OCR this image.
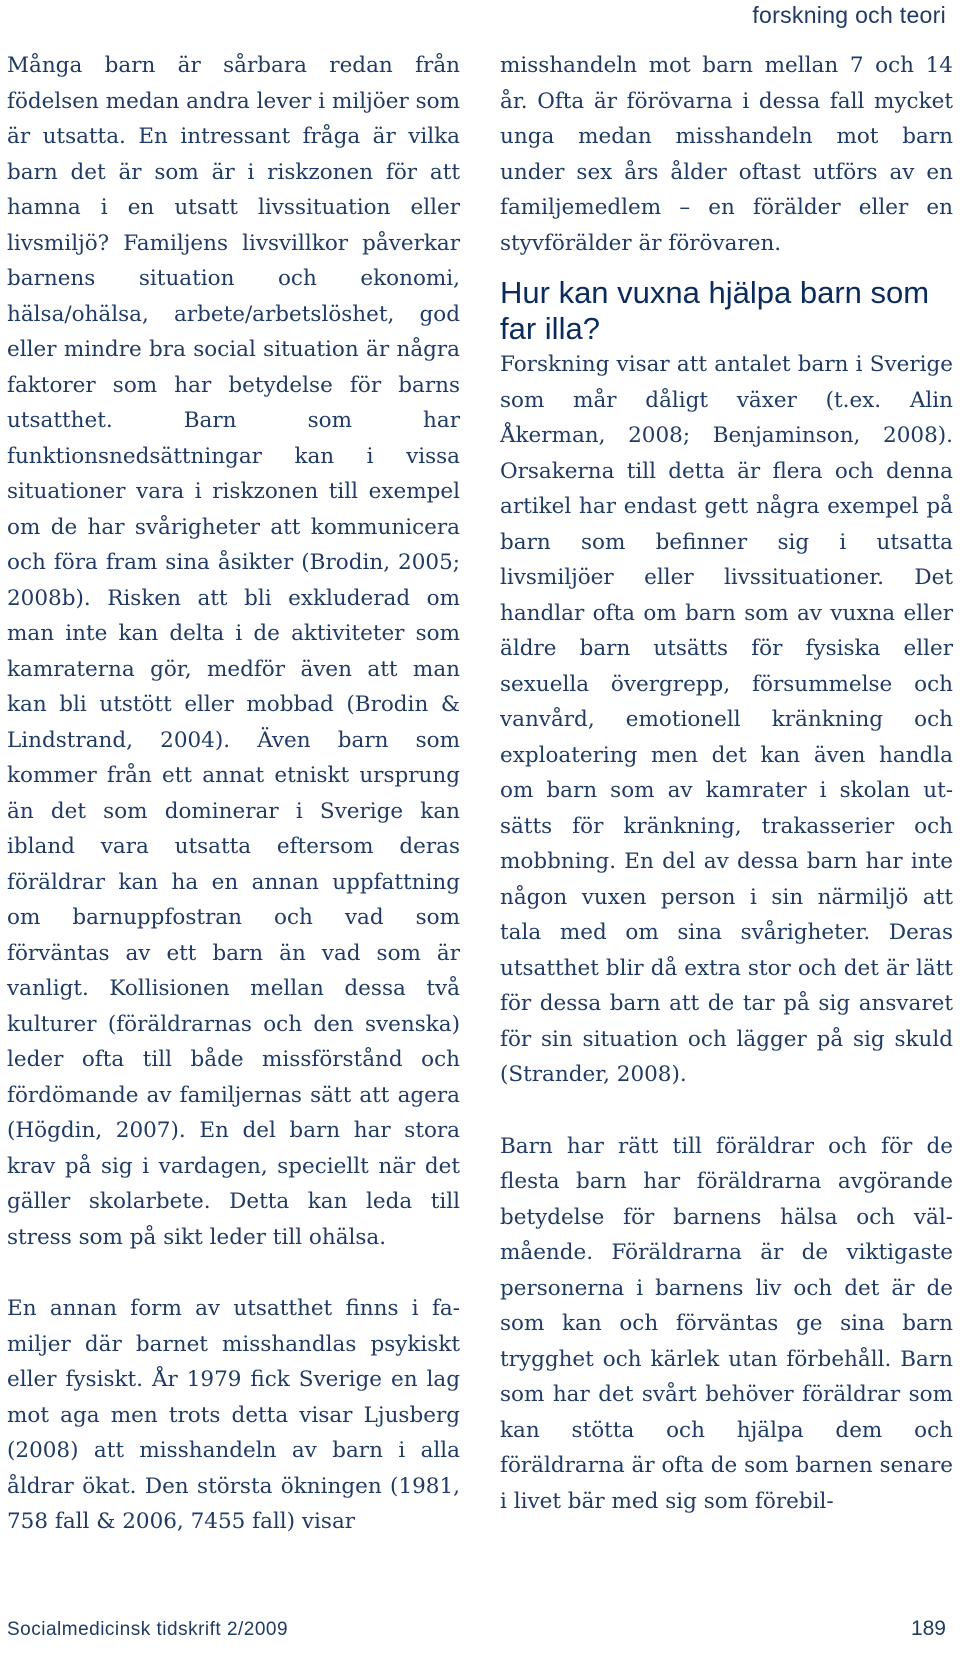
forskning och teori

Många barn är sårbara redan från födelsen medan andra lever i miljöer som är utsatta. En intressant fråga är vilka barn det är som är i riskzonen för att hamna i en utsatt livssituation eller livsmiljö? Familjens livsvillkor påverkar barnens situation och ekonomi, hälsa/ohälsa, arbete/arbetslöshet, god eller mindre bra social situation är några faktorer som har betydelse för barns utsatthet. Barn som har funktionsnedsättningar kan i vissa situationer vara i riskzonen till exempel om de har svårigheter att kommunicera och föra fram sina åsikter (Brodin, 2005; 2008b). Risken att bli exkluderad om man inte kan delta i de aktiviteter som kamraterna gör, medför även att man kan bli utstött eller mobbad (Brodin & Lindstrand, 2004). Även barn som kommer från ett annat etniskt ursprung än det som dominerar i Sverige kan ibland vara utsatta eftersom deras föräldrar kan ha en annan uppfattning om barnuppfostran och vad som förväntas av ett barn än vad som är vanligt. Kollisionen mellan dessa två kulturer (föräldrarnas och den svenska) leder ofta till både missförstånd och fördömande av familjernas sätt att agera (Högdin, 2007). En del barn har stora krav på sig i vardagen, speciellt när det gäller skolarbete. Detta kan leda till stress som på sikt leder till ohälsa.

En annan form av utsatthet finns i familjer där barnet misshandlas psykiskt eller fysiskt. År 1979 fick Sverige en lag mot aga men trots detta visar Ljusberg (2008) att misshandeln av barn i alla åldrar ökat. Den största ökningen (1981, 758 fall & 2006, 7455 fall) visar

misshandeln mot barn mellan 7 och 14 år. Ofta är förövarna i dessa fall mycket unga medan misshandeln mot barn under sex års ålder oftast utförs av en familjemedlem – en förälder eller en styvförälder är förövaren.

Hur kan vuxna hjälpa barn som far illa?

Forskning visar att antalet barn i Sverige som mår dåligt växer (t.ex. Alin Åkerman, 2008; Benjaminson, 2008). Orsakerna till detta är flera och denna artikel har endast gett några exempel på barn som befinner sig i utsatta livsmiljöer eller livssituationer. Det handlar ofta om barn som av vuxna eller äldre barn utsätts för fysiska eller sexuella övergrepp, försummelse och vanvård, emotionell kränkning och exploatering men det kan även handla om barn som av kamrater i skolan utsätts för kränkning, trakasserier och mobbning. En del av dessa barn har inte någon vuxen person i sin närmiljö att tala med om sina svårigheter. Deras utsatthet blir då extra stor och det är lätt för dessa barn att de tar på sig ansvaret för sin situation och lägger på sig skuld (Strander, 2008).

Barn har rätt till föräldrar och för de flesta barn har föräldrarna avgörande betydelse för barnens hälsa och välmående. Föräldrarna är de viktigaste personerna i barnens liv och det är de som kan och förväntas ge sina barn trygghet och kärlek utan förbehåll. Barn som har det svårt behöver föräldrar som kan stötta och hjälpa dem och föräldrarna är ofta de som barnen senare i livet bär med sig som förebil-

Socialmedicinsk tidskrift 2/2009	189
